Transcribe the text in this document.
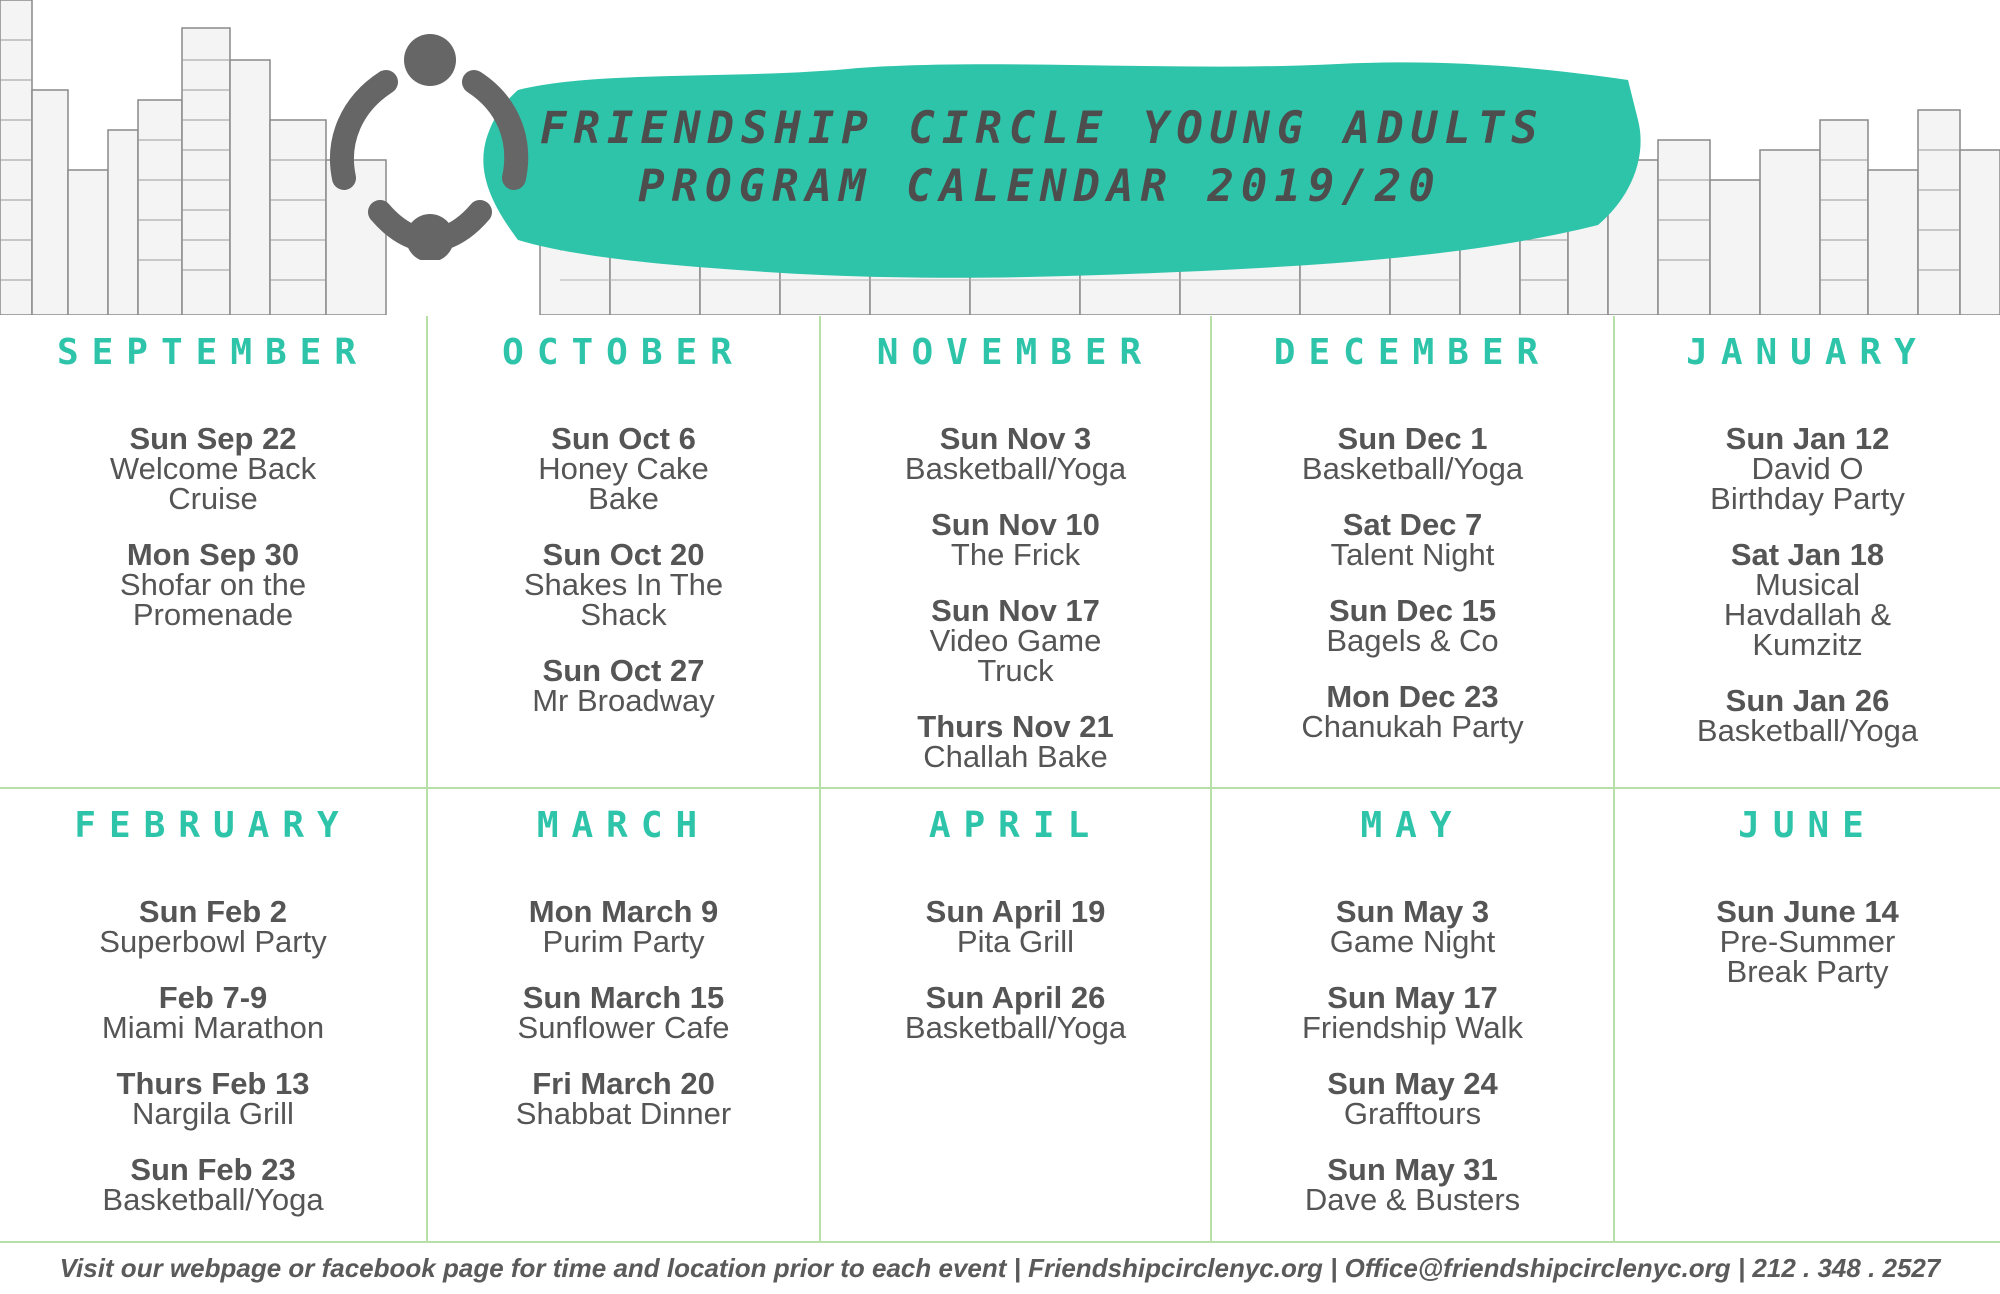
FRIENDSHIP CIRCLE YOUNG ADULTS
PROGRAM CALENDAR 2019/20
SEPTEMBER
Sun Sep 22
Welcome Back Cruise
Mon Sep 30
Shofar on the Promenade
OCTOBER
Sun Oct 6
Honey Cake Bake
Sun Oct 20
Shakes In The Shack
Sun Oct 27
Mr Broadway
NOVEMBER
Sun Nov 3
Basketball/Yoga
Sun Nov 10
The Frick
Sun Nov 17
Video Game Truck
Thurs Nov 21
Challah Bake
DECEMBER
Sun Dec 1
Basketball/Yoga
Sat Dec 7
Talent Night
Sun Dec 15
Bagels & Co
Mon Dec 23
Chanukah Party
JANUARY
Sun Jan 12
David O Birthday Party
Sat Jan 18
Musical Havdallah & Kumzitz
Sun Jan 26
Basketball/Yoga
FEBRUARY
Sun Feb 2
Superbowl Party
Feb 7-9
Miami Marathon
Thurs Feb 13
Nargila Grill
Sun Feb 23
Basketball/Yoga
MARCH
Mon March 9
Purim Party
Sun March 15
Sunflower Cafe
Fri March 20
Shabbat Dinner
APRIL
Sun April 19
Pita Grill
Sun April 26
Basketball/Yoga
MAY
Sun May 3
Game Night
Sun May 17
Friendship Walk
Sun May 24
Grafftours
Sun May 31
Dave & Busters
JUNE
Sun June 14
Pre-Summer Break Party
Visit our webpage or facebook page for time and location prior to each event | Friendshipcirclenyc.org | Office@friendshipcirclenyc.org | 212 . 348 . 2527
